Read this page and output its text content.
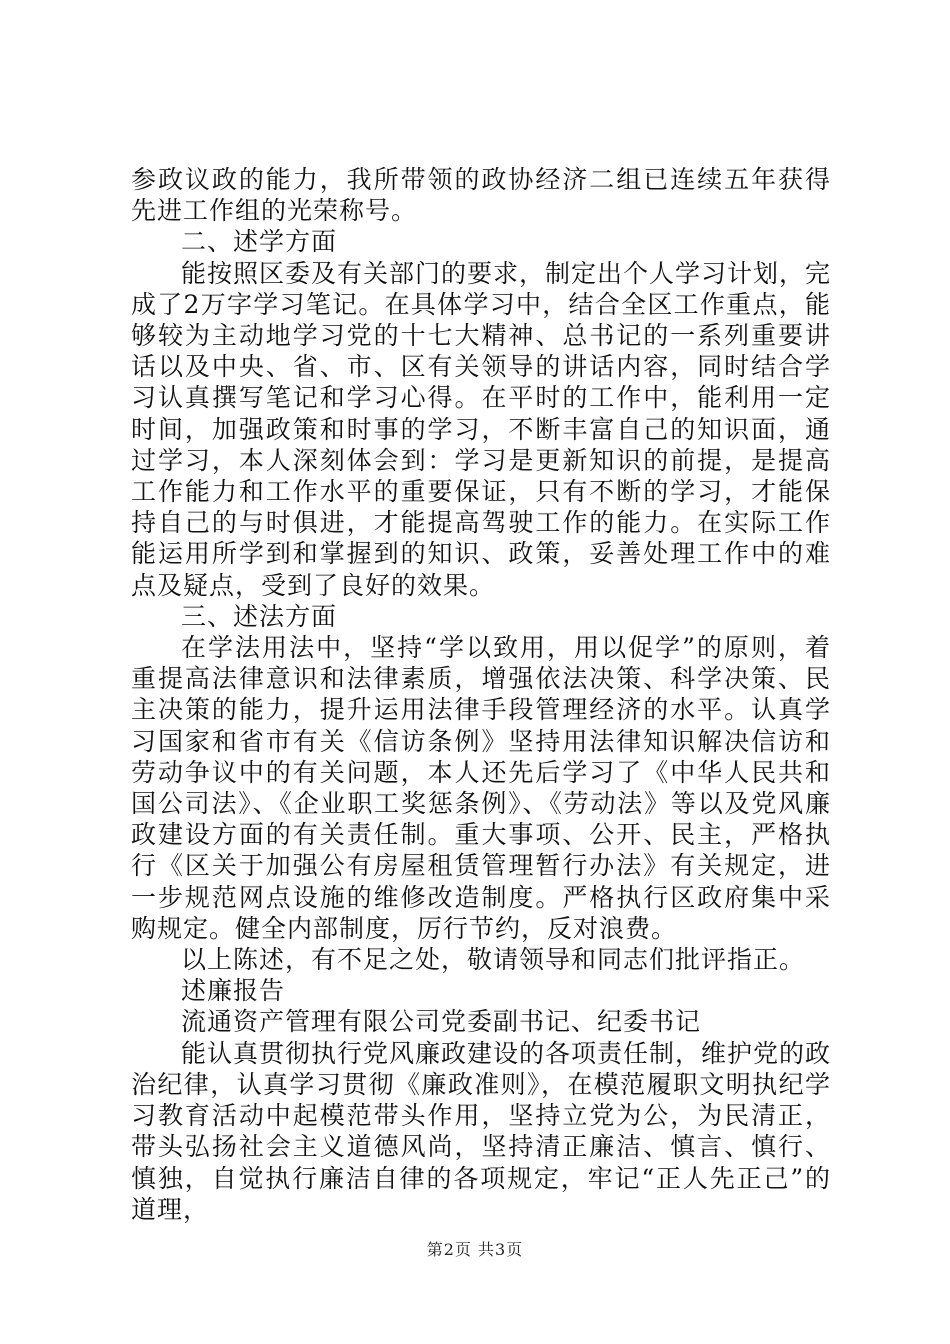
参政议政的能力，我所带领的政协经济二组已连续五年获得先进工作组的光荣称号。

二、述学方面

能按照区委及有关部门的要求，制定出个人学习计划，完成了2万字学习笔记。在具体学习中，结合全区工作重点，能够较为主动地学习党的十七大精神、总书记的一系列重要讲话以及中央、省、市、区有关领导的讲话内容，同时结合学习认真撰写笔记和学习心得。在平时的工作中，能利用一定时间，加强政策和时事的学习，不断丰富自己的知识面，通过学习，本人深刻体会到：学习是更新知识的前提，是提高工作能力和工作水平的重要保证，只有不断的学习，才能保持自己的与时俱进，才能提高驾驶工作的能力。在实际工作能运用所学到和掌握到的知识、政策，妥善处理工作中的难点及疑点，受到了良好的效果。

三、述法方面

在学法用法中，坚持“学以致用，用以促学”的原则，着重提高法律意识和法律素质，增强依法决策、科学决策、民主决策的能力，提升运用法律手段管理经济的水平。认真学习国家和省市有关《信访条例》坚持用法律知识解决信访和劳动争议中的有关问题，本人还先后学习了《中华人民共和国公司法》、《企业职工奖惩条例》、《劳动法》等以及党风廉政建设方面的有关责任制。重大事项、公开、民主，严格执行《区关于加强公有房屋租赁管理暂行办法》有关规定，进一步规范网点设施的维修改造制度。严格执行区政府集中采购规定。健全内部制度，厉行节约，反对浪费。

以上陈述，有不足之处，敬请领导和同志们批评指正。

述廉报告

流通资产管理有限公司党委副书记、纪委书记

能认真贯彻执行党风廉政建设的各项责任制，维护党的政治纪律，认真学习贯彻《廉政准则》，在模范履职文明执纪学习教育活动中起模范带头作用，坚持立党为公，为民清正，带头弘扬社会主义道德风尚，坚持清正廉洁、慎言、慎行、慎独，自觉执行廉洁自律的各项规定，牢记“正人先正己”的道理，

第2页 共3页
